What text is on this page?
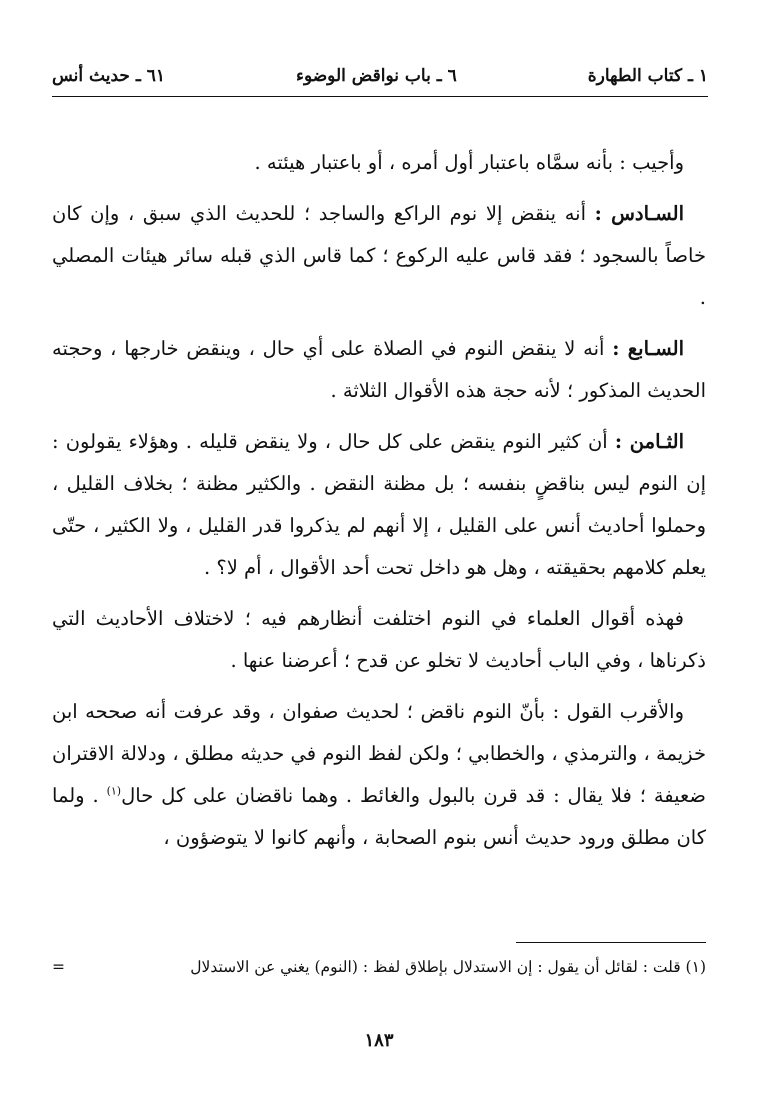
١ ـ كتاب الطهارة
٦ ـ باب نواقض الوضوء
٦١ ـ حديث أنس

وأجيب : بأنه سمَّاه باعتبار أول أمره ، أو باعتبار هيئته .

السـادس : أنه ينقض إلا نوم الراكع والساجد ؛ للحديث الذي سبق ، وإن كان خاصاً بالسجود ؛ فقد قاس عليه الركوع ؛ كما قاس الذي قبله سائر هيئات المصلي .

السـابع : أنه لا ينقض النوم في الصلاة على أي حال ، وينقض خارجها ، وحجته الحديث المذكور ؛ لأنه حجة هذه الأقوال الثلاثة .

الثـامن : أن كثير النوم ينقض على كل حال ، ولا ينقض قليله . وهؤلاء يقولون : إن النوم ليس بناقضٍ بنفسه ؛ بل مظنة النقض . والكثير مظنة ؛ بخلاف القليل ، وحملوا أحاديث أنس على القليل ، إلا أنهم لم يذكروا قدر القليل ، ولا الكثير ، حتّى يعلم كلامهم بحقيقته ، وهل هو داخل تحت أحد الأقوال ، أم لا؟ .

فهذه أقوال العلماء في النوم اختلفت أنظارهم فيه ؛ لاختلاف الأحاديث التي ذكرناها ، وفي الباب أحاديث لا تخلو عن قدح ؛ أعرضنا عنها .

والأقرب القول : بأنّ النوم ناقض ؛ لحديث صفوان ، وقد عرفت أنه صححه ابن خزيمة ، والترمذي ، والخطابي ؛ ولكن لفظ النوم في حديثه مطلق ، ودلالة الاقتران ضعيفة ؛ فلا يقال : قد قرن بالبول والغائط . وهما ناقضان على كل حال$^{(١)}$ . ولما كان مطلق ورود حديث أنس بنوم الصحابة ، وأنهم كانوا لا يتوضؤون ،

(١) قلت : لقائل أن يقول : إن الاستدلال بإطلاق لفظ : (النوم) يغني عن الاستدلال
=
١٨٣
